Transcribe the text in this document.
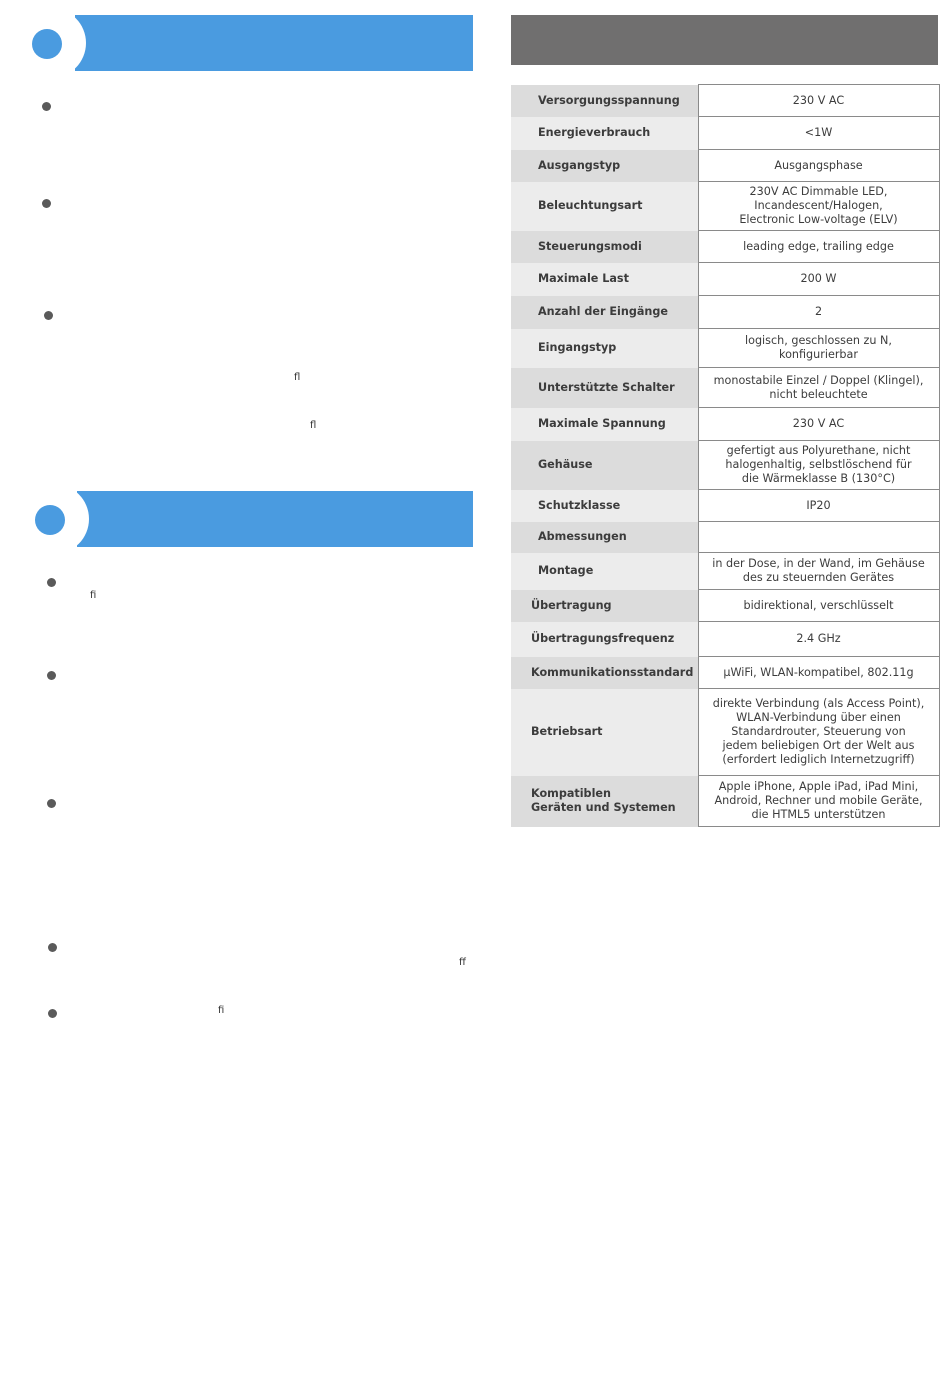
ﬂ
ﬂ
ﬁ
ﬀ
ﬁ
Versorgungsspannung	230 V AC
Energieverbrauch	<1W
Ausgangstyp	Ausgangsphase
Beleuchtungsart	230V AC Dimmable LED,
Incandescent/Halogen,
Electronic Low-voltage (ELV)
Steuerungsmodi	leading edge, trailing edge
Maximale Last	200 W
Anzahl der Eingänge	2
Eingangstyp	logisch, geschlossen zu N,
konfigurierbar
Unterstützte Schalter	monostabile Einzel / Doppel (Klingel),
nicht beleuchtete
Maximale Spannung	230 V AC
Gehäuse	gefertigt aus Polyurethane, nicht
halogenhaltig, selbstlöschend für
die Wärmeklasse B (130°C)
Schutzklasse	IP20
Abmessungen	
Montage	in der Dose, in der Wand, im Gehäuse
des zu steuernden Gerätes
Übertragung	bidirektional, verschlüsselt
Übertragungsfrequenz	2.4 GHz
Kommunikationsstandard	μWiFi, WLAN-kompatibel, 802.11g
Betriebsart	direkte Verbindung (als Access Point),
WLAN-Verbindung über einen
Standardrouter, Steuerung von
jedem beliebigen Ort der Welt aus
(erfordert lediglich Internetzugriff)
Kompatiblen
Geräten und Systemen	Apple iPhone, Apple iPad, iPad Mini,
Android, Rechner und mobile Geräte,
die HTML5 unterstützen
